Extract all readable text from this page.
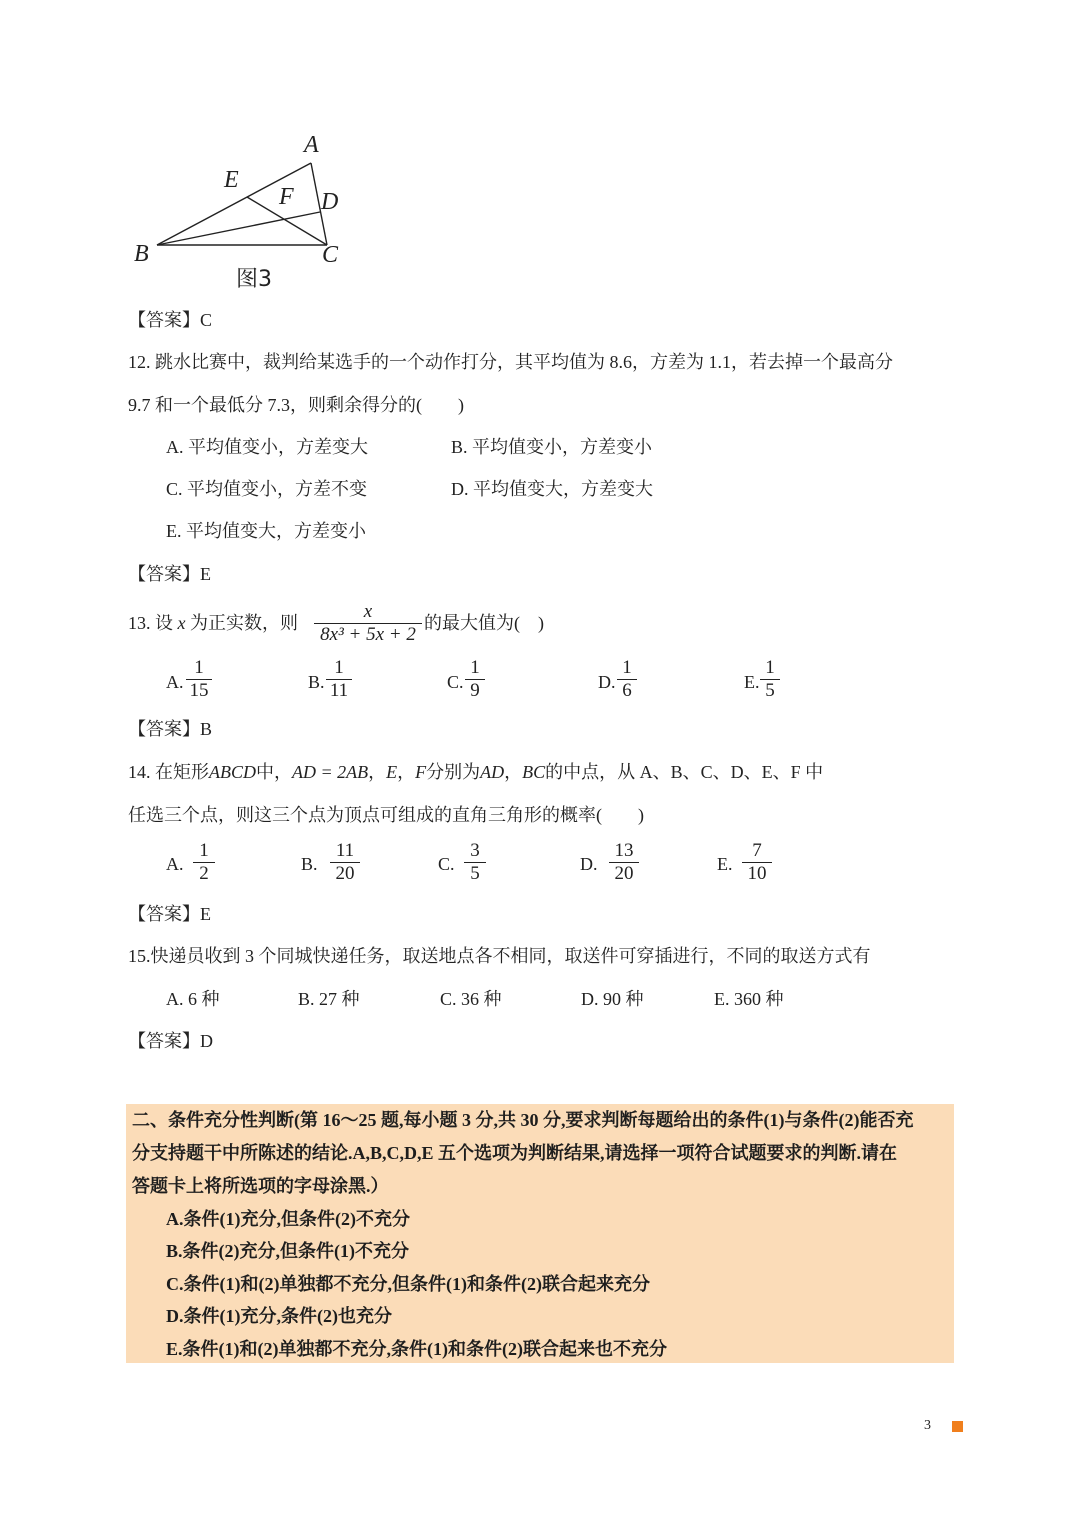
A
E
F D
B	C
图3
【答案】C
12. 跳水比赛中，裁判给某选手的一个动作打分，其平均值为 8.6，方差为 1.1，若去掉一个最高分
9.7 和一个最低分 7.3，则剩余得分的(　　)
A. 平均值变小，方差变大	B. 平均值变小，方差变小
C. 平均值变小，方差不变	D. 平均值变大，方差变大
E. 平均值变大，方差变小
【答案】E
13. 设 x 为正实数，则 $\frac{x}{\text{8x³ + 5x + 2}}$ 的最大值为(　)
A. $\frac{1}{15}$	B. $\frac{1}{11}$	C. $\frac{1}{9}$	D. $\frac{1}{6}$	E. $\frac{1}{5}$
【答案】B
14. 在矩形ABCD中，AD = 2AB，E，F分别为AD，BC的中点，从 A、B、C、D、E、F 中
任选三个点，则这三个点为顶点可组成的直角三角形的概率(　　)
A. $\frac{1}{2}$	B. $\frac{11}{20}$	C. $\frac{3}{5}$	D. $\frac{13}{20}$	E. $\frac{7}{10}$
【答案】E
15.快递员收到 3 个同城快递任务，取送地点各不相同，取送件可穿插进行，不同的取送方式有
A. 6 种	B. 27 种	C. 36 种	D. 90 种	E. 360 种
【答案】D
二、条件充分性判断(第 16～25 题,每小题 3 分,共 30 分,要求判断每题给出的条件(1)与条件(2)能否充
分支持题干中所陈述的结论.A,B,C,D,E 五个选项为判断结果,请选择一项符合试题要求的判断.请在
答题卡上将所选项的字母涂黑.）
A.条件(1)充分,但条件(2)不充分
B.条件(2)充分,但条件(1)不充分
C.条件(1)和(2)单独都不充分,但条件(1)和条件(2)联合起来充分
D.条件(1)充分,条件(2)也充分
E.条件(1)和(2)单独都不充分,条件(1)和条件(2)联合起来也不充分
3
